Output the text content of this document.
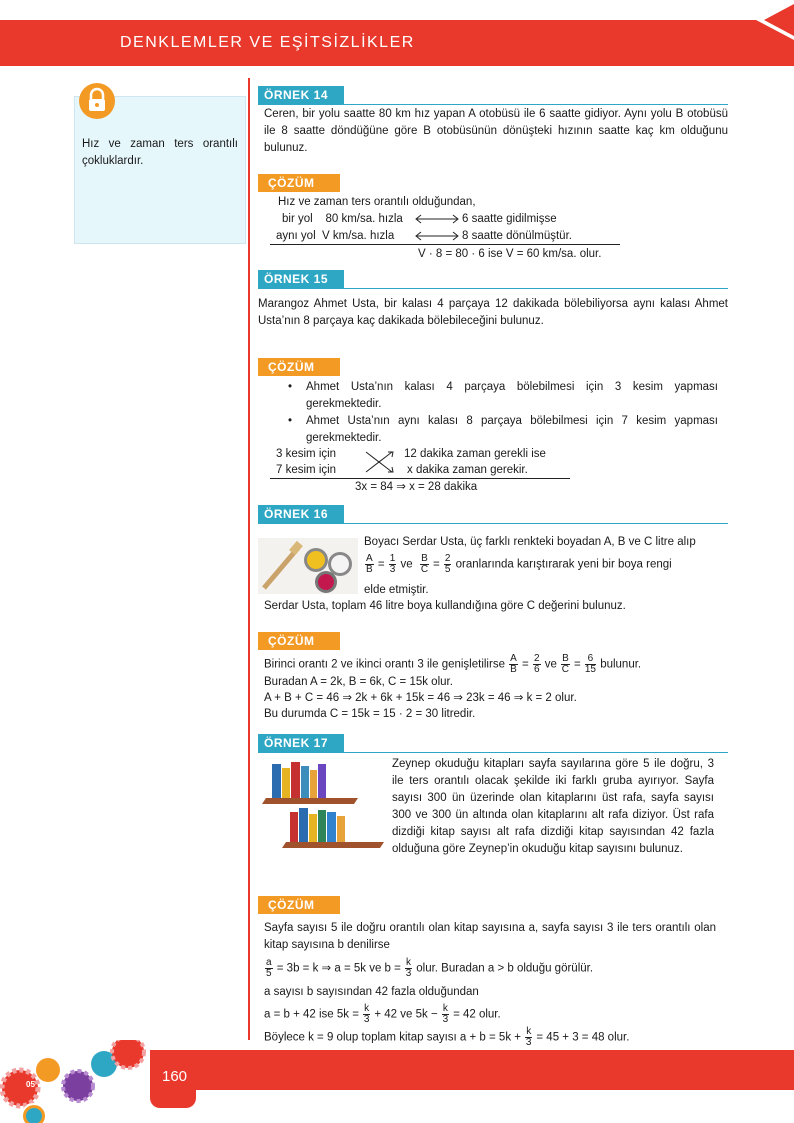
DENKLEMLER VE EŞİTSİZLİKLER
Hız ve zaman ters orantılı çokluklardır.
ÖRNEK 14
Ceren, bir yolu saatte 80 km hız yapan A otobüsü ile 6 saatte gidiyor. Aynı yolu B otobüsü ile 8 saatte döndüğüne göre B otobüsünün dönüşteki hızının saatte kaç km olduğunu bulunuz.
ÇÖZÜM
Hız ve zaman ters orantılı olduğundan,
bir yol    80 km/sa. hızla	6 saatte gidilmişse
aynı yol  V km/sa. hızla	8 saatte dönülmüştür.
V · 8 = 80 · 6 ise V = 60 km/sa. olur.
ÖRNEK 15
Marangoz Ahmet Usta, bir kalası 4 parçaya 12 dakikada bölebiliyorsa aynı kalası Ahmet Usta’nın 8 parçaya kaç dakikada bölebileceğini bulunuz.
ÇÖZÜM
• Ahmet Usta’nın kalası 4 parçaya bölebilmesi için 3 kesim yapması gerekmektedir.
• Ahmet Usta’nın aynı kalası 8 parçaya bölebilmesi için 7 kesim yapması gerekmektedir.
3 kesim için	12 dakika zaman gerekli ise
7 kesim için	x dakika zaman gerekir.
3x = 84 ⇒ x = 28 dakika
ÖRNEK 16
Boyacı Serdar Usta, üç farklı renkteki boyadan A, B ve C litre alıp
$\frac{A}{B} = \frac{1}{3}$ ve $\frac{B}{C} = \frac{2}{5}$ oranlarında karıştırarak yeni bir boya rengi
elde etmiştir.
Serdar Usta, toplam 46 litre boya kullandığına göre C değerini bulunuz.
ÇÖZÜM
Birinci orantı 2 ve ikinci orantı 3 ile genişletilirse $\frac{A}{B} = \frac{2}{6}$ ve $\frac{B}{C} = \frac{6}{15}$ bulunur.
Buradan A = 2k, B = 6k, C = 15k olur.
A + B + C = 46 ⇒ 2k + 6k + 15k = 46 ⇒ 23k = 46 ⇒ k = 2 olur.
Bu durumda C = 15k = 15 · 2 = 30 litredir.
ÖRNEK 17
Zeynep okuduğu kitapları sayfa sayılarına göre 5 ile doğru, 3 ile ters orantılı olacak şekilde iki farklı gruba ayırıyor. Sayfa sayısı 300 ün üzerinde olan kitaplarını üst rafa, sayfa sayısı 300 ve 300 ün altında olan kitaplarını alt rafa diziyor. Üst rafa dizdiği kitap sayısı alt rafa dizdiği kitap sayısından 42 fazla olduğuna göre Zeynep’in okuduğu kitap sayısını bulunuz.
ÇÖZÜM
Sayfa sayısı 5 ile doğru orantılı olan kitap sayısına a, sayfa sayısı 3 ile ters orantılı olan kitap sayısına b denilirse
$\frac{a}{5} = 3b = k$ ⇒ a = 5k ve $b = \frac{k}{3}$ olur. Buradan a > b olduğu görülür.
a sayısı b sayısından 42 fazla olduğundan
a = b + 42 ise $5k = \frac{k}{3} + 42$ ve $5k - \frac{k}{3} = 42$ olur.
Böylece k = 9 olup toplam kitap sayısı $a + b = 5k + \frac{k}{3} = 45 + 3 = 48$ olur.
160
05
